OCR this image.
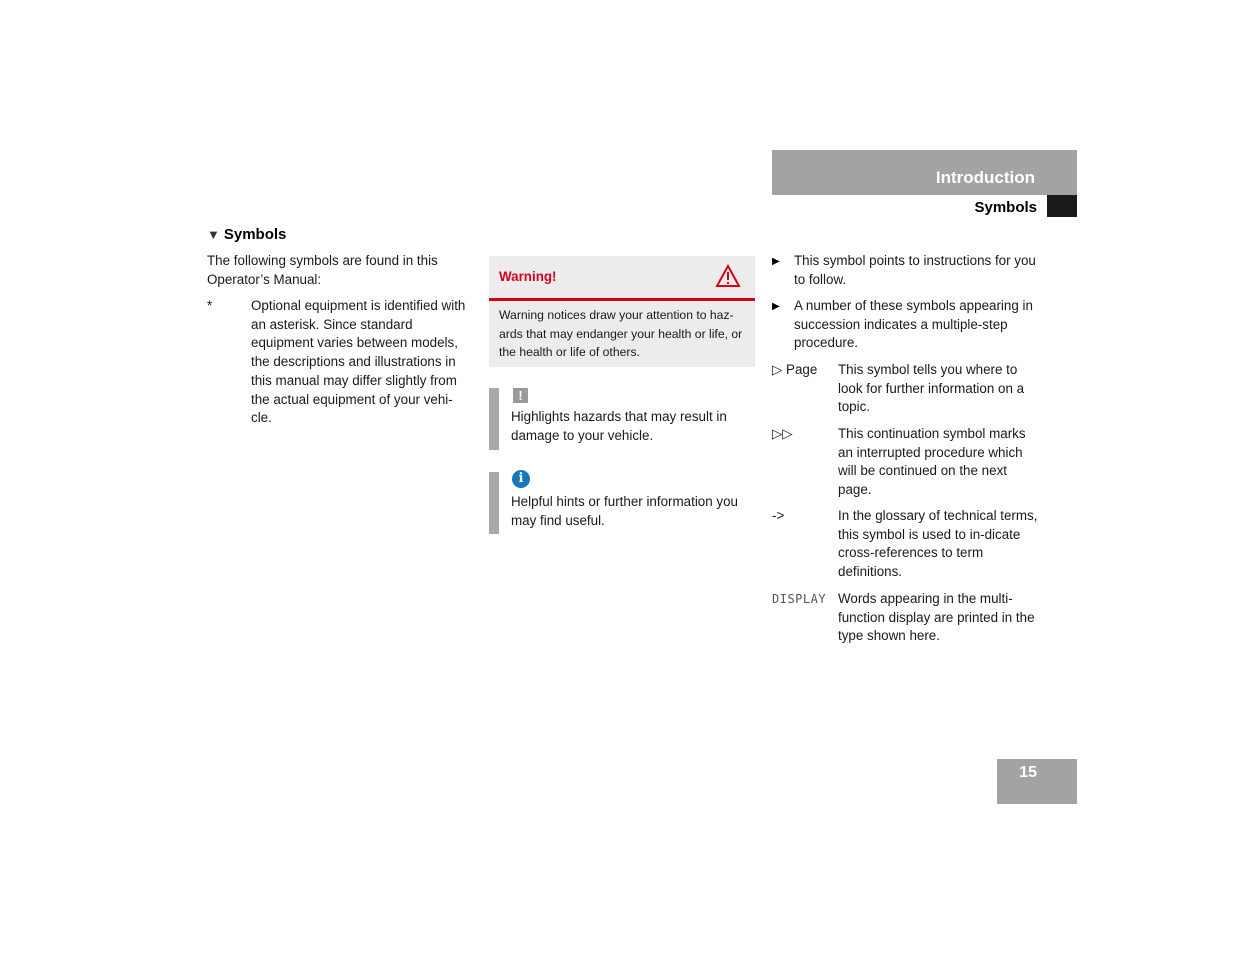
Introduction
Symbols
▼ Symbols
The following symbols are found in this Operator’s Manual:
*	Optional equipment is identified with an asterisk. Since standard equipment varies between models, the descriptions and illustrations in this manual may differ slightly from the actual equipment of your vehi-cle.
Warning!
Warning notices draw your attention to haz-ards that may endanger your health or life, or the health or life of others.
!
Highlights hazards that may result in damage to your vehicle.
i
Helpful hints or further information you may find useful.
▶ This symbol points to instructions for you to follow.
▶ A number of these symbols appearing in succession indicates a multiple-step procedure.
▷ Page This symbol tells you where to look for further information on a topic.
▷▷	This continuation symbol marks an interrupted procedure which will be continued on the next page.
->	In the glossary of technical terms, this symbol is used to in-dicate cross-references to term definitions.
DISPLAY Words appearing in the multi-function display are printed in the type shown here.
15
